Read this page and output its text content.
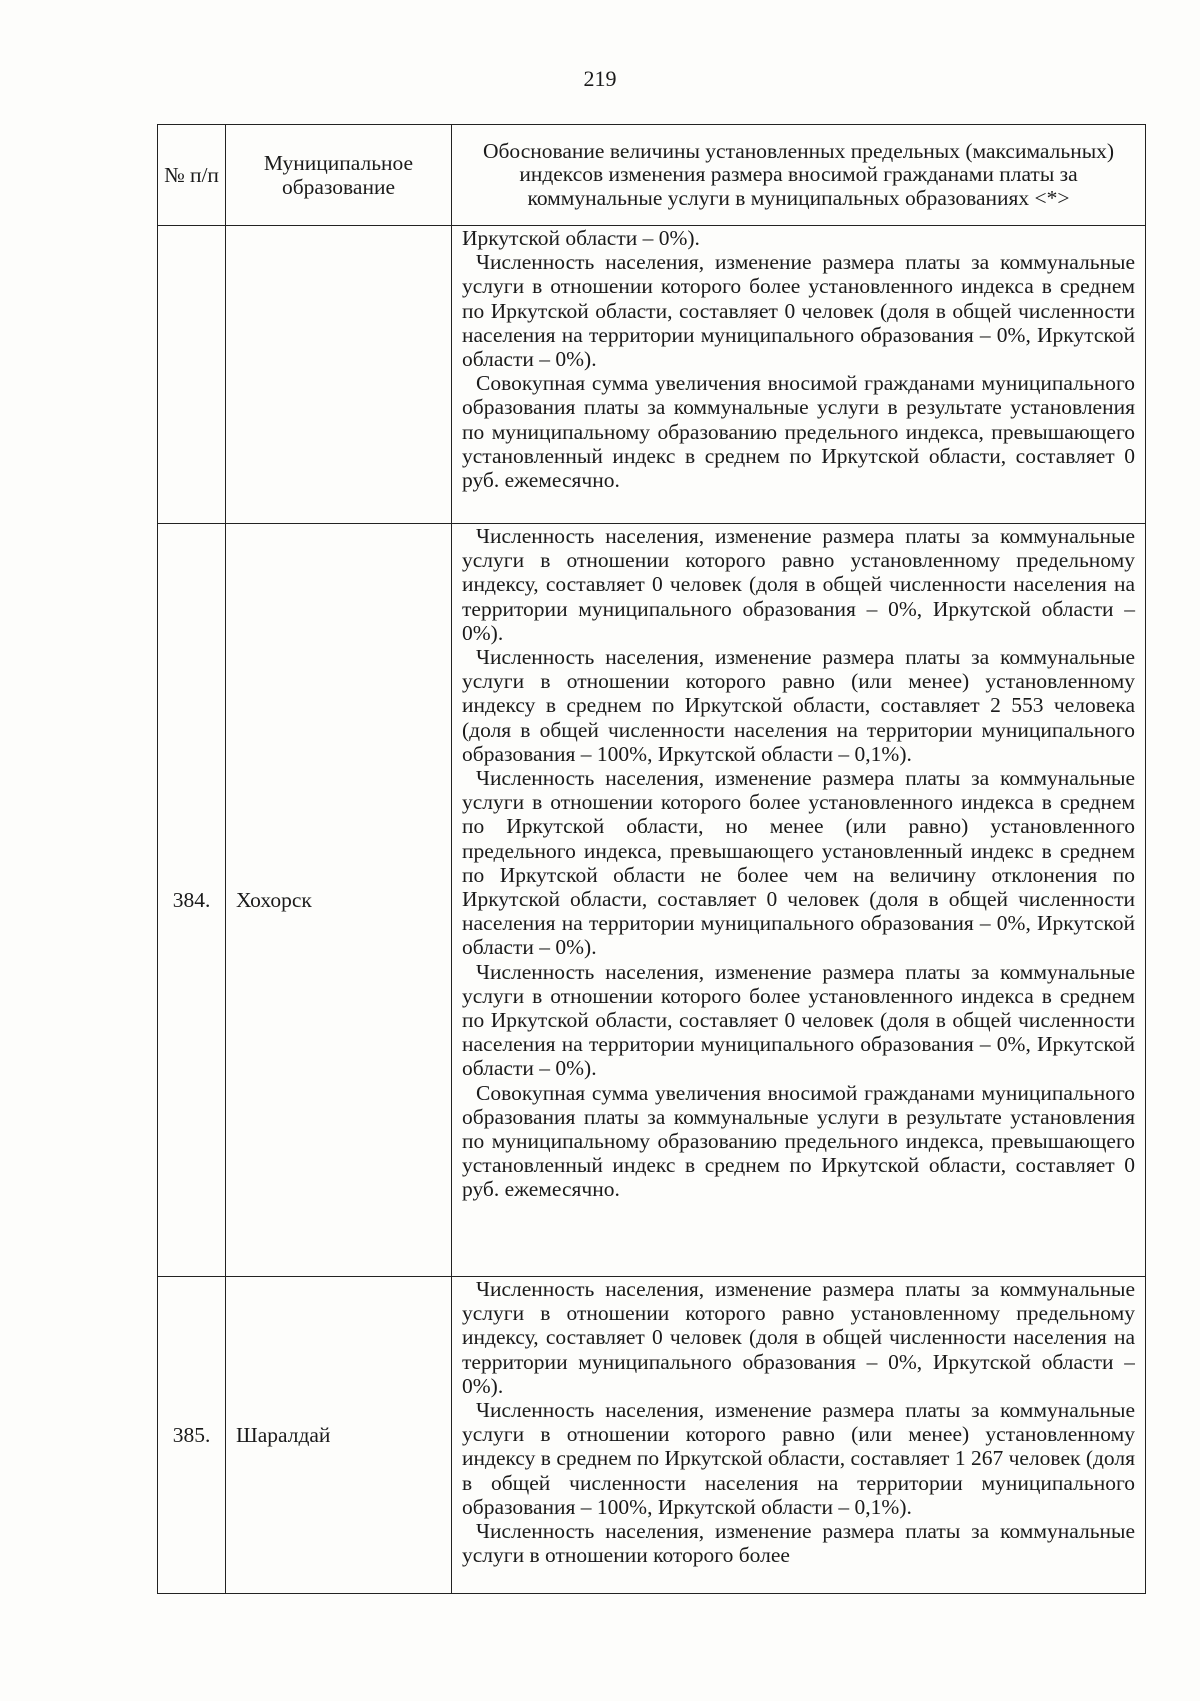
219
№ п/п	Муниципальное образование	Обоснование величины установленных предельных (максимальных) индексов изменения размера вносимой гражданами платы за коммунальные услуги в муниципальных образованиях <*>

		Иркутской области – 0%).

Численность населения, изменение размера платы за коммунальные услуги в отношении которого более установленного индекса в среднем по Иркутской области, составляет 0 человек (доля в общей численности населения на территории муниципального образования – 0%, Иркутской области – 0%).

Совокупная сумма увеличения вносимой гражданами муниципального образования платы за коммунальные услуги в результате установления по муниципальному образованию предельного индекса, превышающего установленный индекс в среднем по Иркутской области, составляет 0 руб. ежемесячно.

384.	Хохорск	Численность населения, изменение размера платы за коммунальные услуги в отношении которого равно установленному предельному индексу, составляет 0 человек (доля в общей численности населения на территории муниципального образования – 0%, Иркутской области – 0%).

Численность населения, изменение размера платы за коммунальные услуги в отношении которого равно (или менее) установленному индексу в среднем по Иркутской области, составляет 2 553 человека (доля в общей численности населения на территории муниципального образования – 100%, Иркутской области – 0,1%).

Численность населения, изменение размера платы за коммунальные услуги в отношении которого более установленного индекса в среднем по Иркутской области, но менее (или равно) установленного предельного индекса, превышающего установленный индекс в среднем по Иркутской области не более чем на величину отклонения по Иркутской области, составляет 0 человек (доля в общей численности населения на территории муниципального образования – 0%, Иркутской области – 0%).

Численность населения, изменение размера платы за коммунальные услуги в отношении которого более установленного индекса в среднем по Иркутской области, составляет 0 человек (доля в общей численности населения на территории муниципального образования – 0%, Иркутской области – 0%).

Совокупная сумма увеличения вносимой гражданами муниципального образования платы за коммунальные услуги в результате установления по муниципальному образованию предельного индекса, превышающего установленный индекс в среднем по Иркутской области, составляет 0 руб. ежемесячно.

385.	Шаралдай	Численность населения, изменение размера платы за коммунальные услуги в отношении которого равно установленному предельному индексу, составляет 0 человек (доля в общей численности населения на территории муниципального образования – 0%, Иркутской области – 0%).

Численность населения, изменение размера платы за коммунальные услуги в отношении которого равно (или менее) установленному индексу в среднем по Иркутской области, составляет 1 267 человек (доля в общей численности населения на территории муниципального образования – 100%, Иркутской области – 0,1%).

Численность населения, изменение размера платы за коммунальные услуги в отношении которого более
